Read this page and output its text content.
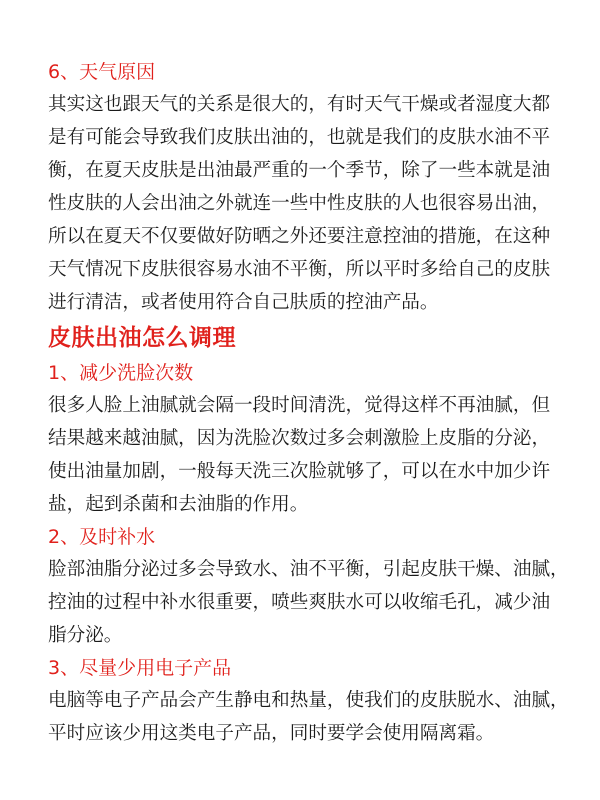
6、天气原因

其实这也跟天气的关系是很大的，有时天气干燥或者湿度大都
是有可能会导致我们皮肤出油的，也就是我们的皮肤水油不平
衡，在夏天皮肤是出油最严重的一个季节，除了一些本就是油
性皮肤的人会出油之外就连一些中性皮肤的人也很容易出油，
所以在夏天不仅要做好防晒之外还要注意控油的措施，在这种
天气情况下皮肤很容易水油不平衡，所以平时多给自己的皮肤
进行清洁，或者使用符合自己肤质的控油产品。

皮肤出油怎么调理
1、减少洗脸次数

很多人脸上油腻就会隔一段时间清洗，觉得这样不再油腻，但
结果越来越油腻，因为洗脸次数过多会刺激脸上皮脂的分泌，
使出油量加剧，一般每天洗三次脸就够了，可以在水中加少许
盐，起到杀菌和去油脂的作用。

2、及时补水

脸部油脂分泌过多会导致水、油不平衡，引起皮肤干燥、油腻，
控油的过程中补水很重要，喷些爽肤水可以收缩毛孔，减少油
脂分泌。

3、尽量少用电子产品

电脑等电子产品会产生静电和热量，使我们的皮肤脱水、油腻，
平时应该少用这类电子产品，同时要学会使用隔离霜。
